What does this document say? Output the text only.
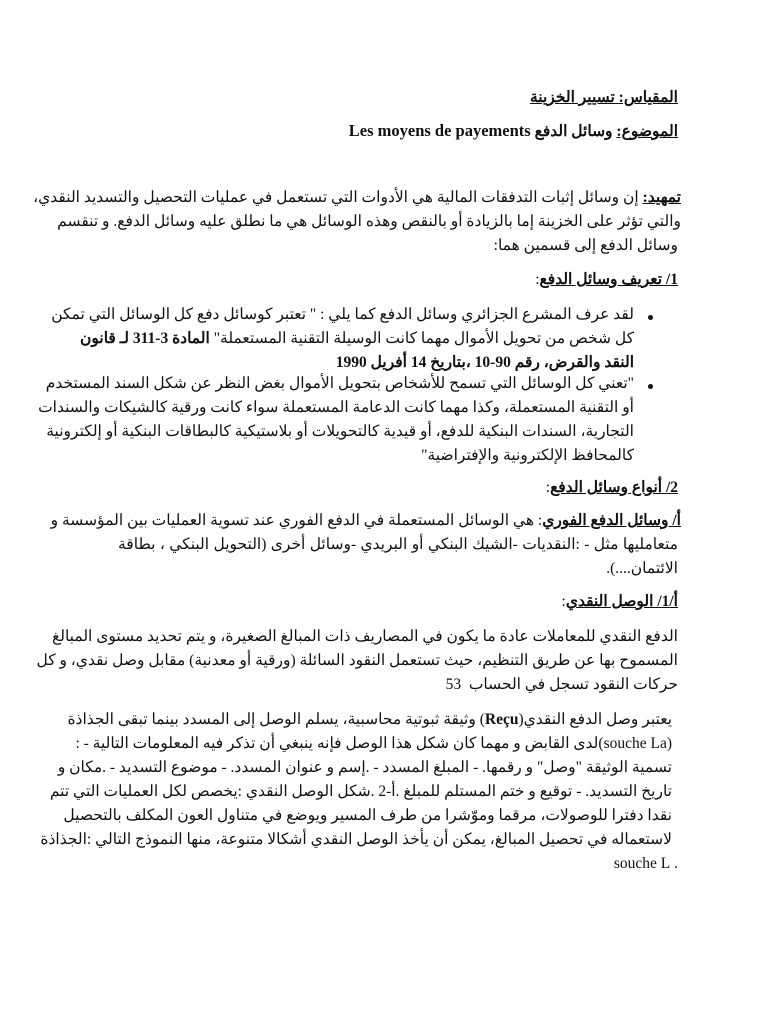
المقياس: تسيير الخزينة
الموضوع: وسائل الدفع Les moyens de payements
تمهيد: إن وسائل إثبات التدفقات المالية هي الأدوات التي تستعمل في عمليات التحصيل والتسديد النقدي،
والتي تؤثر على الخزينة إما بالزيادة أو بالنقص وهذه الوسائل هي ما نطلق عليه وسائل الدفع. و تنقسم
وسائل الدفع إلى قسمين هما:
1/ تعريف وسائل الدفع:
لقد عرف المشرع الجزائري وسائل الدفع كما يلي : " تعتبر كوسائل دفع كل الوسائل التي تمكن
كل شخص من تحويل الأموال مهما كانت الوسيلة التقنية المستعملة" المادة 3-311 لـ قانون
النقد والقرض، رقم 90-10 ،بتاريخ 14 أفريل 1990
"تعني كل الوسائل التي تسمح للأشخاص بتحويل الأموال بغض النظر عن شكل السند المستخدم
أو التقنية المستعملة، وكذا مهما كانت الدعامة المستعملة سواء كانت ورقية كالشيكات والسندات
التجارية، السندات البنكية للدفع، أو قيدية كالتحويلات أو بلاستيكية كالبطاقات البنكية أو إلكترونية
كالمحافظ الإلكترونية والإفتراضية"
2/ أنواع وسائل الدفع:
أ/ وسائل الدفع الفوري: هي الوسائل المستعملة في الدفع الفوري عند تسوية العمليات بين المؤسسة و
متعامليها مثل - :النقديات -الشيك البنكي أو البريدي -وسائل أخرى (التحويل البنكي ، بطاقة
الائتمان....).
أ/1/ الوصل النقدي:
الدفع النقدي للمعاملات عادة ما يكون في المصاريف ذات المبالغ الصغيرة، و يتم تحديد مستوى المبالغ
المسموح بها عن طريق التنظيم، حيث تستعمل النقود السائلة (ورقية أو معدنية) مقابل وصل نقدي، و كل
حركات النقود تسجل في الحساب  53
يعتبر وصل الدفع النقدي(Reçu) وثيقة ثبوتية محاسبية، يسلم الوصل إلى المسدد بينما تبقى الجذاذة
(souche La)لدى القابض و مهما كان شكل هذا الوصل فإنه ينبغي أن تذكر فيه المعلومات التالية - :
تسمية الوثيقة "وصل" و رقمها. - المبلغ المسدد - .إسم و عنوان المسدد. - موضوع التسديد - .مكان و
تاريخ التسديد. - توقيع و ختم المستلم للمبلغ .أ-2 .شكل الوصل النقدي :يخصص لكل العمليات التي تتم
نقدا دفترا للوصولات، مرقما وموّشرا من طرف المسير ويوضع في متناول العون المكلف بالتحصيل
لاستعماله في تحصيل المبالغ، يمكن أن يأخذ الوصل النقدي أشكالا متنوعة، منها النموذج التالي :الجذاذة
. souche L
